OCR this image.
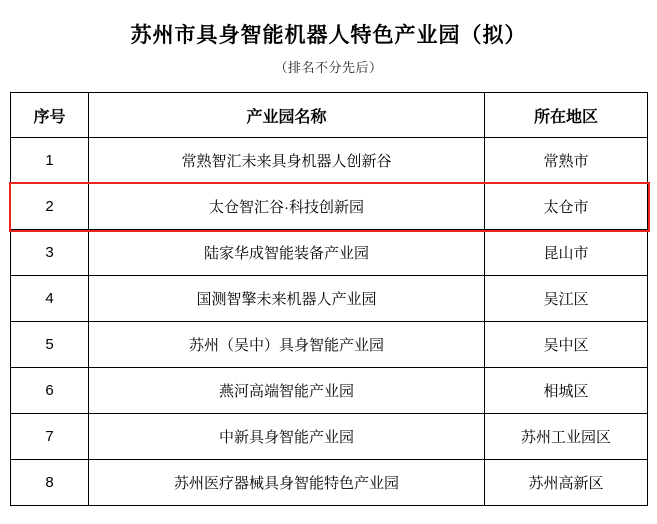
苏州市具身智能机器人特色产业园（拟）
（排名不分先后）
序号	产业园名称	所在地区
1	常熟智汇未来具身机器人创新谷	常熟市
2	太仓智汇谷·科技创新园	太仓市
3	陆家华成智能装备产业园	昆山市
4	国测智擎未来机器人产业园	吴江区
5	苏州（吴中）具身智能产业园	吴中区
6	燕河高端智能产业园	相城区
7	中新具身智能产业园	苏州工业园区
8	苏州医疗器械具身智能特色产业园	苏州高新区
